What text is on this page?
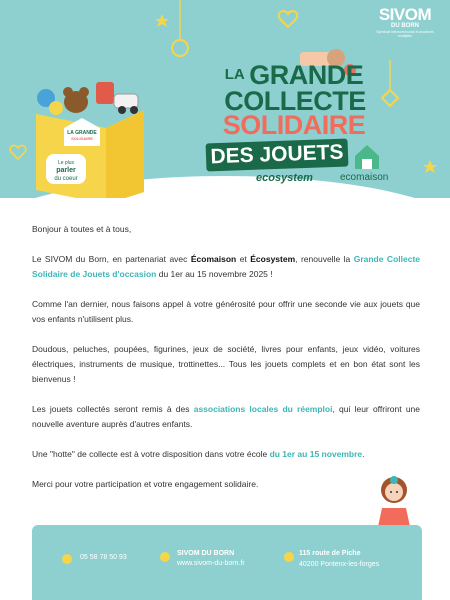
SIVOM
DU BORN
Syndicat intercommunal à vocations multiples
LA GRANDE
SOLIDAIRE
Le plus
parler
du coeur
LA GRANDE
COLLECTE
SOLIDAIRE
DES JOUETS
ecosystem	ecomaison

Bonjour à toutes et à tous,

Le SIVOM du Born, en partenariat avec Écomaison et Écosystem, renouvelle la Grande Collecte Solidaire de Jouets d'occasion du 1er au 15 novembre 2025 !

Comme l'an dernier, nous faisons appel à votre générosité pour offrir une seconde vie aux jouets que vos enfants n'utilisent plus.

Doudous, peluches, poupées, figurines, jeux de société, livres pour enfants, jeux vidéo, voitures électriques, instruments de musique, trottinettes... Tous les jouets complets et en bon état sont les bienvenus !

Les jouets collectés seront remis à des associations locales du réemploi, qui leur offriront une nouvelle aventure auprès d'autres enfants.

Une "hotte" de collecte est à votre disposition dans votre école du 1er au 15 novembre.

Merci pour votre participation et votre engagement solidaire.

05 58 78 50 93
SIVOM DU BORN
www.sivom-du-born.fr
115 route de Piche
40200 Pontenx-les-forges
